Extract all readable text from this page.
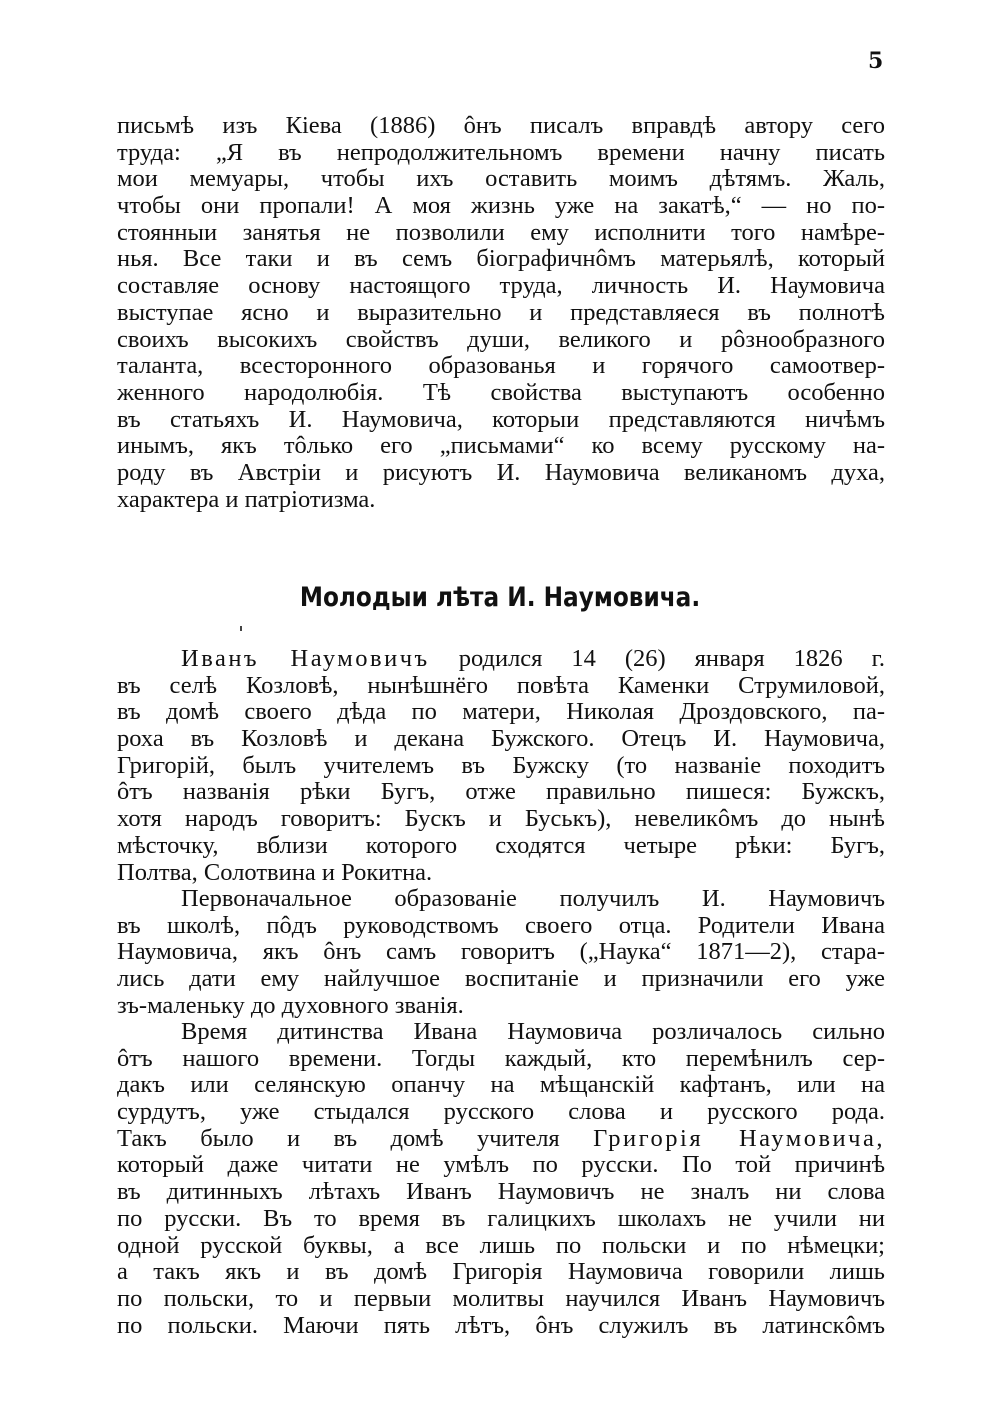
5
письмѣ изъ Кіева (1886) ôнъ писалъ вправдѣ автору сего
труда: „Я въ непродолжительномъ времени начну писать
мои мемуары, чтобы ихъ оставить моимъ дѣтямъ. Жаль,
чтобы они пропали! А моя жизнь уже на закатѣ,“ — но по-
стоянныи занятья не позволили ему исполнити того намѣре-
нья. Все таки и въ семъ біографичнôмъ матерьялѣ, который
составляе основу настоящого труда, личность И. Наумовича
выступае ясно и выразительно и представляеся въ полнотѣ
своихъ высокихъ свойствъ души, великого и рôзнообразного
таланта, всесторонного образованья и горячого самоотвер-
женного народолюбія. Тѣ свойства выступаютъ особенно
въ статьяхъ И. Наумовича, которыи представляются ничѣмъ
инымъ, якъ тôлько его „письмами“ ко всему русскому на-
роду въ Австріи и рисуютъ И. Наумовича великаномъ духа,
характера и патріотизма.
Молодыи лѣта И. Наумовича.
Иванъ Наумовичъ родился 14 (26) января 1826 г.
въ селѣ Козловѣ, нынѣшнёго повѣта Каменки Струмиловой,
въ домѣ своего дѣда по матери, Николая Дроздовского, па-
роха въ Козловѣ и декана Бужского. Отецъ И. Наумовича,
Григорій, былъ учителемъ въ Бужску (то названіе походитъ
ôтъ названія рѣки Бугъ, отже правильно пишеся: Бужскъ,
хотя народъ говоритъ: Бускъ и Буськъ), невеликôмъ до нынѣ
мѣсточку, вблизи которого сходятся четыре рѣки: Бугъ,
Полтва, Солотвина и Рокитна.
Первоначальное образованіе получилъ И. Наумовичъ
въ школѣ, пôдъ руководствомъ своего отца. Родители Ивана
Наумовича, якъ ôнъ самъ говоритъ („Наука“ 1871—2), стара-
лись дати ему найлучшое воспитаніе и призначили его уже
зъ-маленьку до духовного званія.
Время дитинства Ивана Наумовича розличалось сильно
ôтъ нашого времени. Тогды каждый, кто перемѣнилъ сер-
дакъ или селянскую опанчу на мѣщанскій кафтанъ, или на
сурдутъ, уже стыдался русского слова и русского рода.
Такъ было и въ домѣ учителя Григорія Наумовича,
который даже читати не умѣлъ по русски. По той причинѣ
въ дитинныхъ лѣтахъ Иванъ Наумовичъ не зналъ ни слова
по русски. Въ то время въ галицкихъ школахъ не учили ни
одной русской буквы, а все лишь по польски и по нѣмецки;
а такъ якъ и въ домѣ Григорія Наумовича говорили лишь
по польски, то и первыи молитвы научился Иванъ Наумовичъ
по польски. Маючи пять лѣтъ, ôнъ служилъ въ латинскôмъ
